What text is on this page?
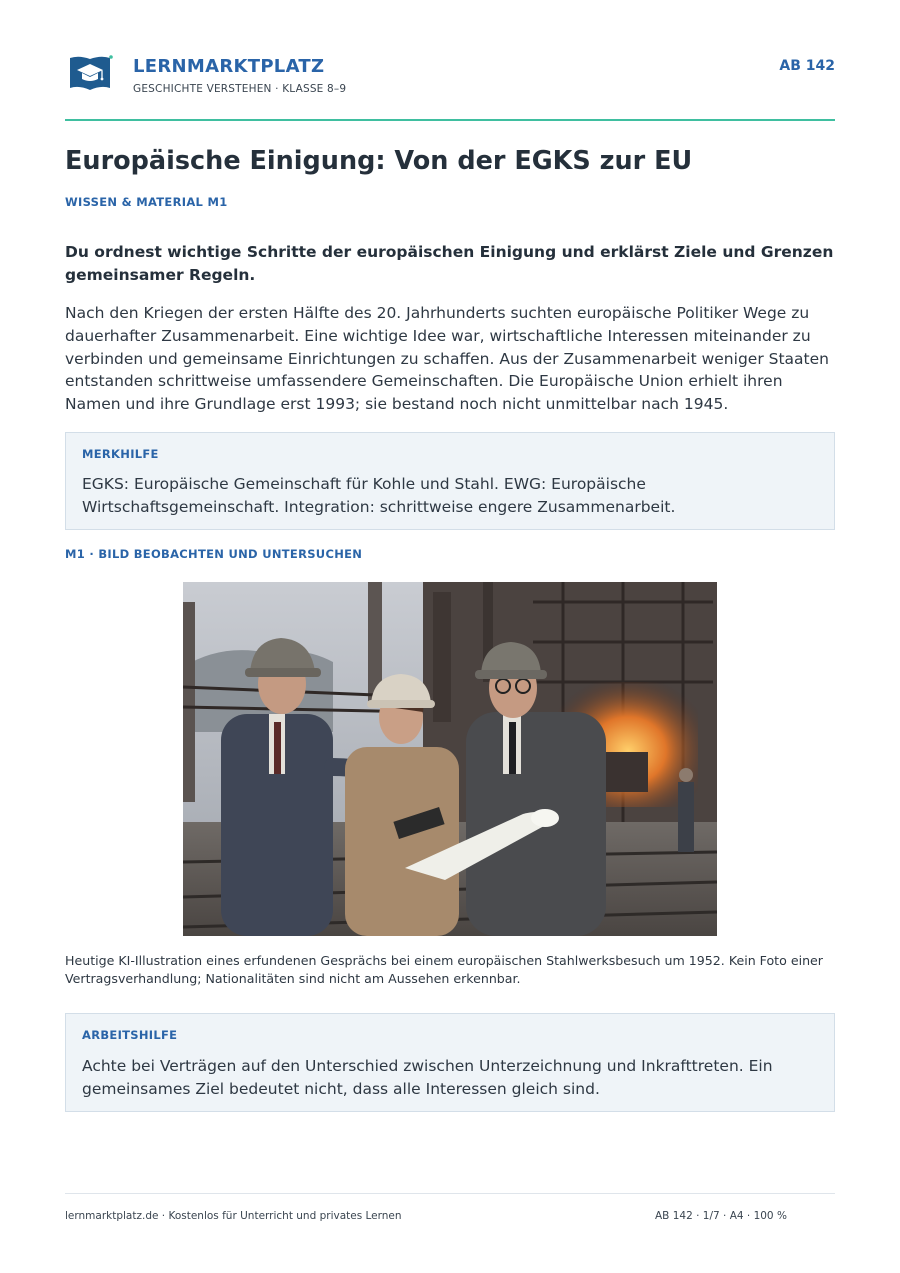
LERNMARKTPLATZ
GESCHICHTE VERSTEHEN · KLASSE 8–9
AB 142
Europäische Einigung: Von der EGKS zur EU
WISSEN & MATERIAL M1

Du ordnest wichtige Schritte der europäischen Einigung und erklärst Ziele und Grenzen gemeinsamer Regeln.

Nach den Kriegen der ersten Hälfte des 20. Jahrhunderts suchten europäische Politiker Wege zu dauerhafter Zusammenarbeit. Eine wichtige Idee war, wirtschaftliche Interessen miteinander zu verbinden und gemeinsame Einrichtungen zu schaffen. Aus der Zusammenarbeit weniger Staaten entstanden schrittweise umfassendere Gemeinschaften. Die Europäische Union erhielt ihren Namen und ihre Grundlage erst 1993; sie bestand noch nicht unmittelbar nach 1945.

MERKHILFE

EGKS: Europäische Gemeinschaft für Kohle und Stahl. EWG: Europäische Wirtschaftsgemeinschaft. Integration: schrittweise engere Zusammenarbeit.

M1 · BILD BEOBACHTEN UND UNTERSUCHEN

Heutige KI-Illustration eines erfundenen Gesprächs bei einem europäischen Stahlwerksbesuch um 1952. Kein Foto einer Vertragsverhandlung; Nationalitäten sind nicht am Aussehen erkennbar.

ARBEITSHILFE

Achte bei Verträgen auf den Unterschied zwischen Unterzeichnung und Inkrafttreten. Ein gemeinsames Ziel bedeutet nicht, dass alle Interessen gleich sind.

lernmarktplatz.de · Kostenlos für Unterricht und privates Lernen	AB 142 · 1/7 · A4 · 100 %
